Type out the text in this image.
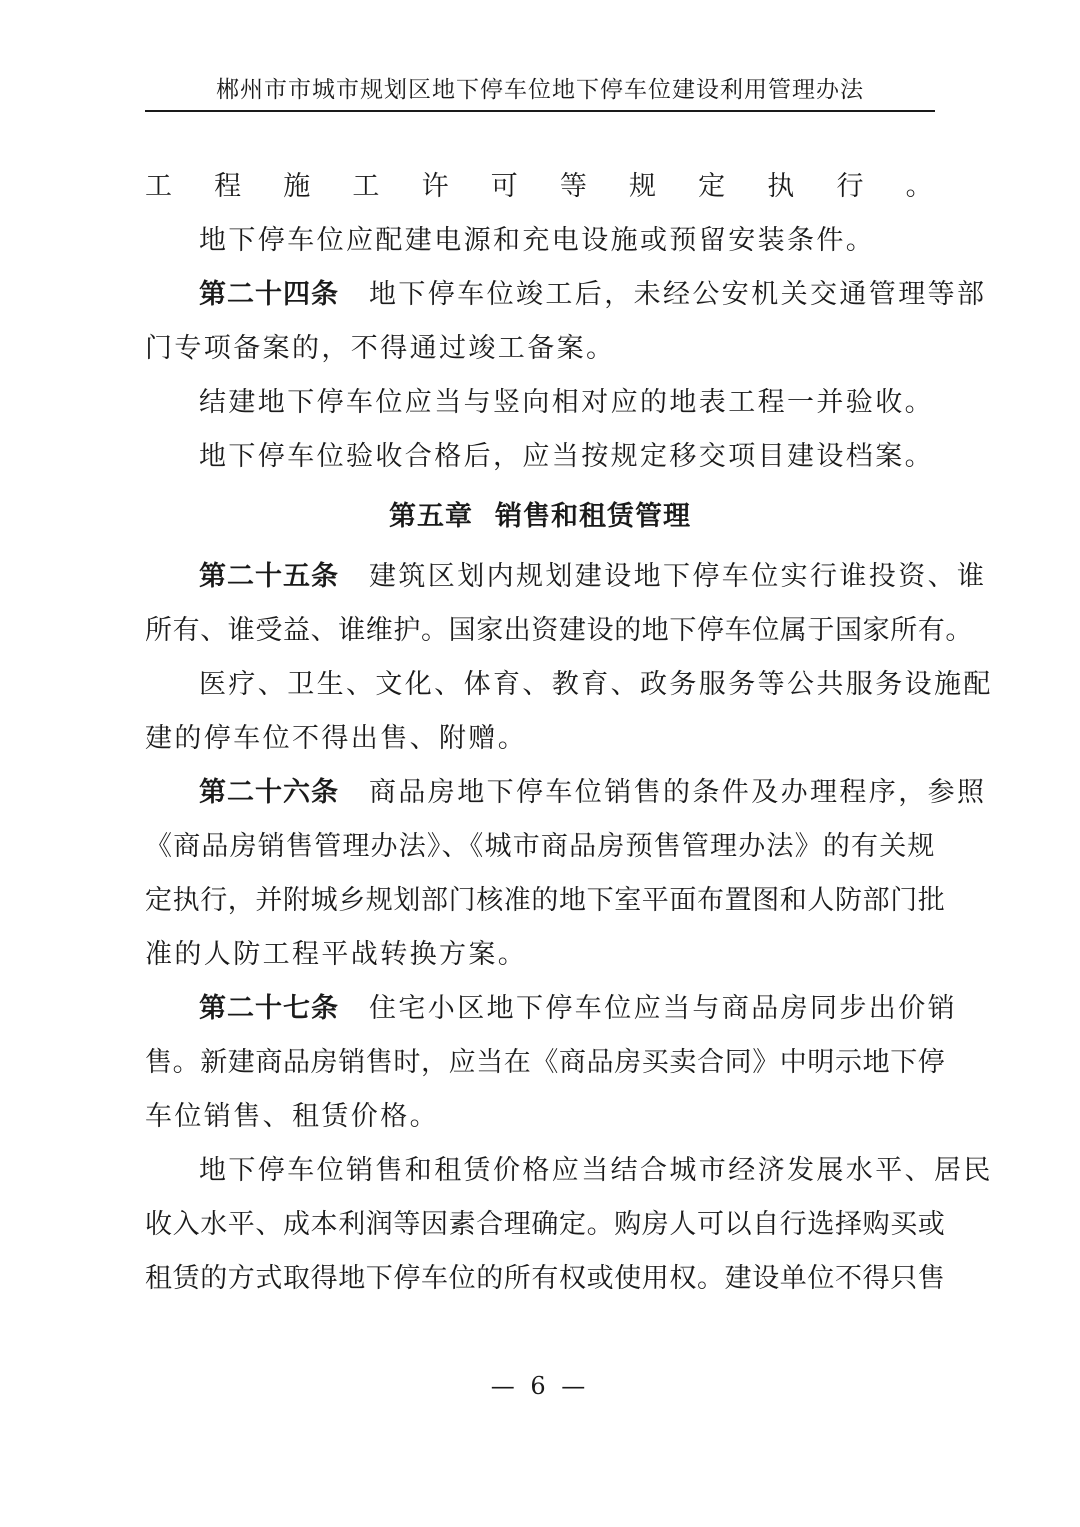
郴州市市城市规划区地下停车位地下停车位建设利用管理办法

工程施工许可等规定执行。

地下停车位应配建电源和充电设施或预留安装条件。

第二十四条 地下停车位竣工后，未经公安机关交通管理等部

门专项备案的，不得通过竣工备案。

结建地下停车位应当与竖向相对应的地表工程一并验收。

地下停车位验收合格后，应当按规定移交项目建设档案。

第五章 销售和租赁管理

第二十五条 建筑区划内规划建设地下停车位实行谁投资、谁

所有、谁受益、谁维护。国家出资建设的地下停车位属于国家所有。

医疗、卫生、文化、体育、教育、政务服务等公共服务设施配

建的停车位不得出售、附赠。

第二十六条 商品房地下停车位销售的条件及办理程序，参照

《商品房销售管理办法》、《城市商品房预售管理办法》的有关规

定执行，并附城乡规划部门核准的地下室平面布置图和人防部门批

准的人防工程平战转换方案。

第二十七条 住宅小区地下停车位应当与商品房同步出价销

售。新建商品房销售时，应当在《商品房买卖合同》中明示地下停

车位销售、租赁价格。

地下停车位销售和租赁价格应当结合城市经济发展水平、居民

收入水平、成本利润等因素合理确定。购房人可以自行选择购买或

租赁的方式取得地下停车位的所有权或使用权。建设单位不得只售

— 6 —
